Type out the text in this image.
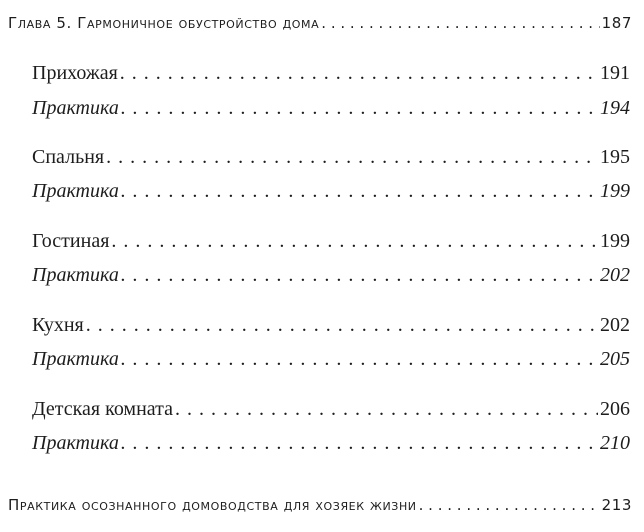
Глава 5. Гармоничное обустройство дома . . .	187
Прихожая . . .	191
Практика . . .	194
Спальня . . .	195
Практика . . .	199
Гостиная . . .	199
Практика . . .	202
Кухня . . .	202
Практика . . .	205
Детская комната . . .	206
Практика . . .	210
Практика осознанного домоводства для хозяек жизни . . .	213
